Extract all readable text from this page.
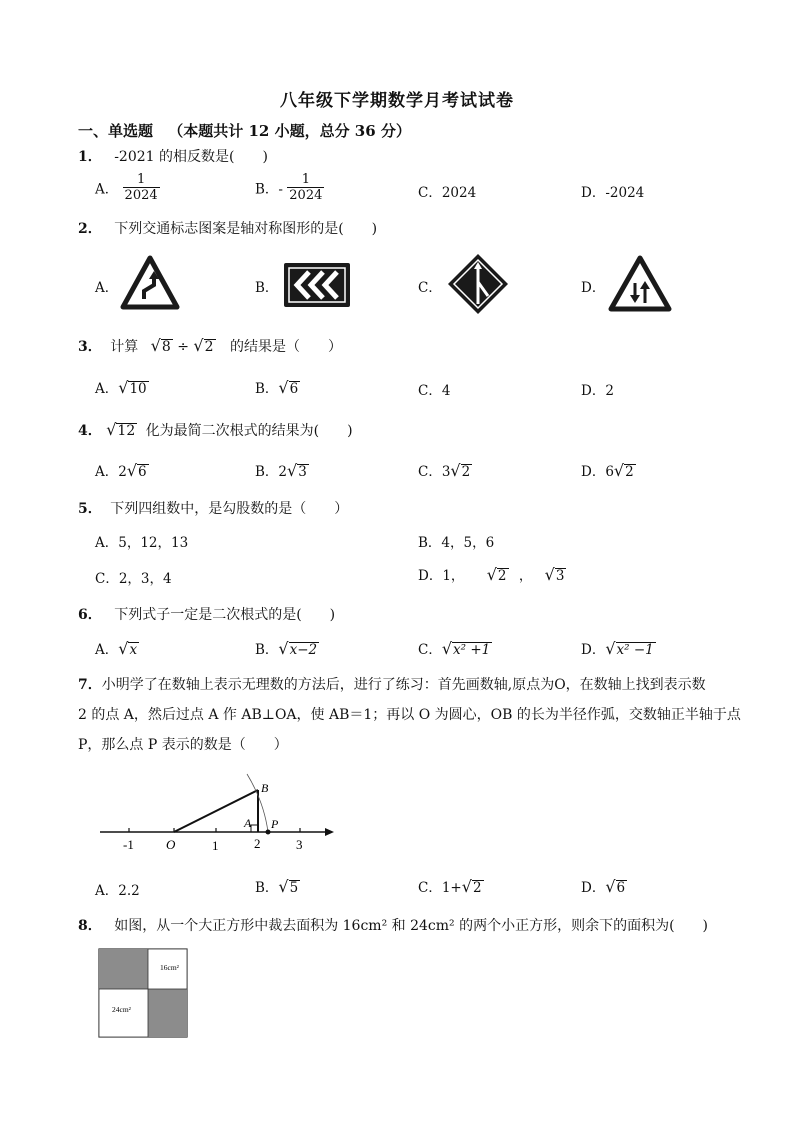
八年级下学期数学月考试试卷
一、单选题 （本题共计 12 小题，总分 36 分）
1． -2021 的相反数是(　　)
A． $\frac{1}{2024}$	B．- $\frac{1}{2024}$	C．2024	D．-2024
2． 下列交通标志图案是轴对称图形的是(　　)
A．	B．	C．	D．
3． 计算 √8 ÷ √2 的结果是（　　）
A．√10	B．√6	C．4	D．2
4． √12 化为最简二次根式的结果为(　　)
A．2√6	B．2√3	C．3√2	D．6√2
5． 下列四组数中，是勾股数的是（　　）
A．5，12，13	B．4，5，6
C．2，3，4	D．1， √2 ， √3
6． 下列式子一定是二次根式的是(　　)
A．√x	B．√x−2	C．√x² +1	D．√x² −1
7．小明学了在数轴上表示无理数的方法后，进行了练习：首先画数轴,原点为O，在数轴上找到表示数
2 的点 A，然后过点 A 作 AB⊥OA，使 AB＝1；再以 O 为圆心，OB 的长为半径作弧，交数轴正半轴于点
P，那么点 P 表示的数是（　　）
-1 O	1	2	3
A
B
P
A．2.2	B．√5	C．1+√2	D．√6
8． 如图，从一个大正方形中裁去面积为 16cm² 和 24cm² 的两个小正方形，则余下的面积为(　　)
16cm²
24cm²
